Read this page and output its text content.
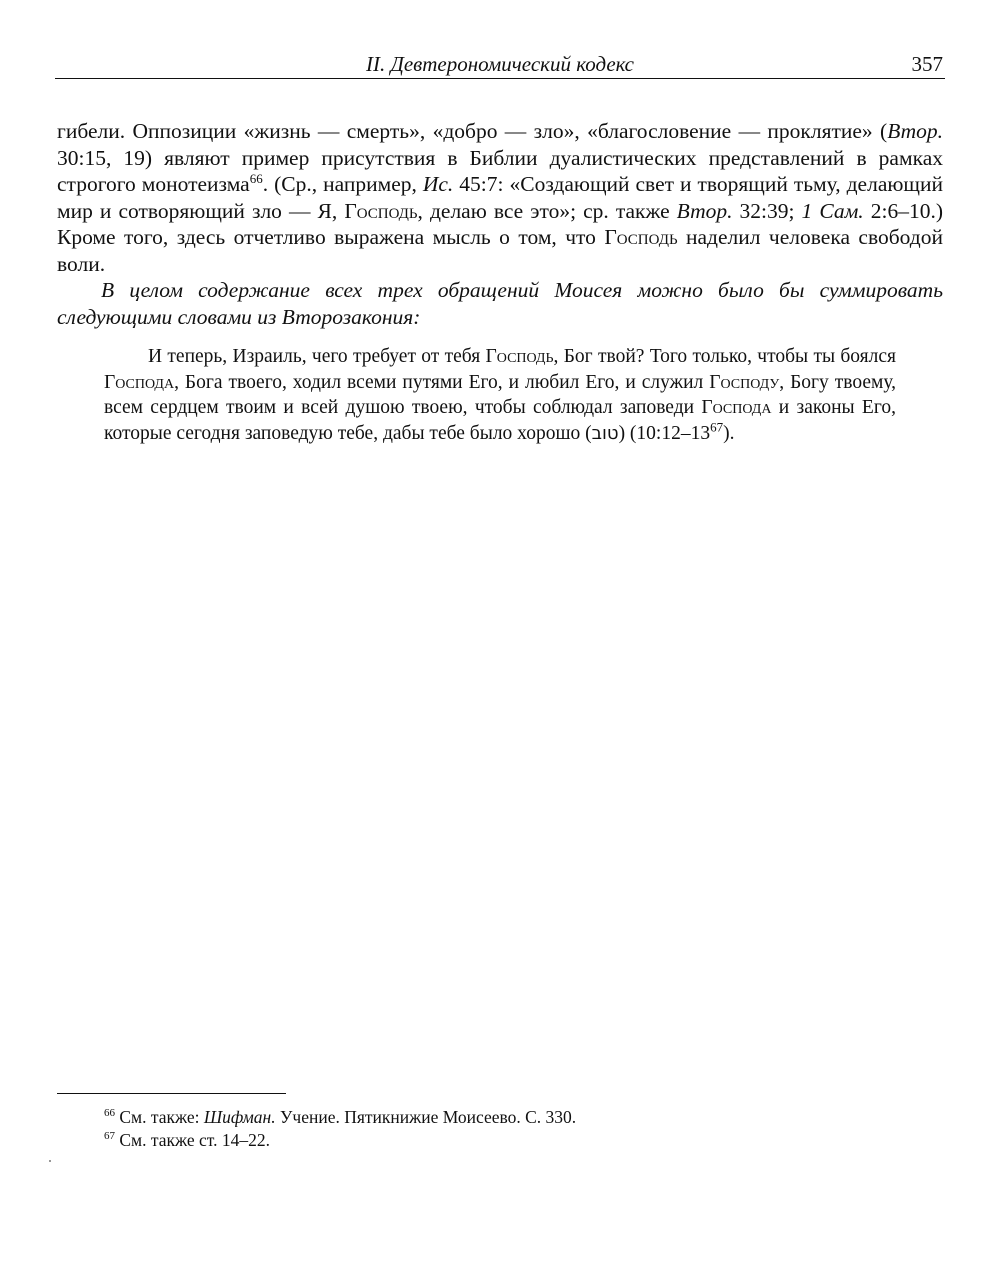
II. Девтерономический кодекс	357

гибели. Оппозиции «жизнь — смерть», «добро — зло», «благословение — проклятие» (Втор. 30:15, 19) являют пример присутствия в Библии дуалистических представлений в рамках строгого монотеизма$^{66}$. (Ср., например, Ис. 45:7: «Создающий свет и творящий тьму, делающий мир и сотворяющий зло — Я, Господь, делаю все это»; ср. также Втор. 32:39; 1 Сам. 2:6–10.) Кроме того, здесь отчетливо выражена мысль о том, что Господь наделил человека свободой воли.

В целом содержание всех трех обращений Моисея можно было бы суммировать следующими словами из Второзакония:

И теперь, Израиль, чего требует от тебя Господь, Бог твой? Того только, чтобы ты боялся Господа, Бога твоего, ходил всеми путями Его, и любил Его, и служил Господу, Богу твоему, всем сердцем твоим и всей душою твоею, чтобы соблюдал заповеди Господа и законы Его, которые сегодня заповедую тебе, дабы тебе было хорошо (טוב) $(10:12-13^{67})$.
$^{66}$ См. также: Шифман. Учение. Пятикнижие Моисеево. С. 330.
$^{67}$ См. также ст. 14–22.
